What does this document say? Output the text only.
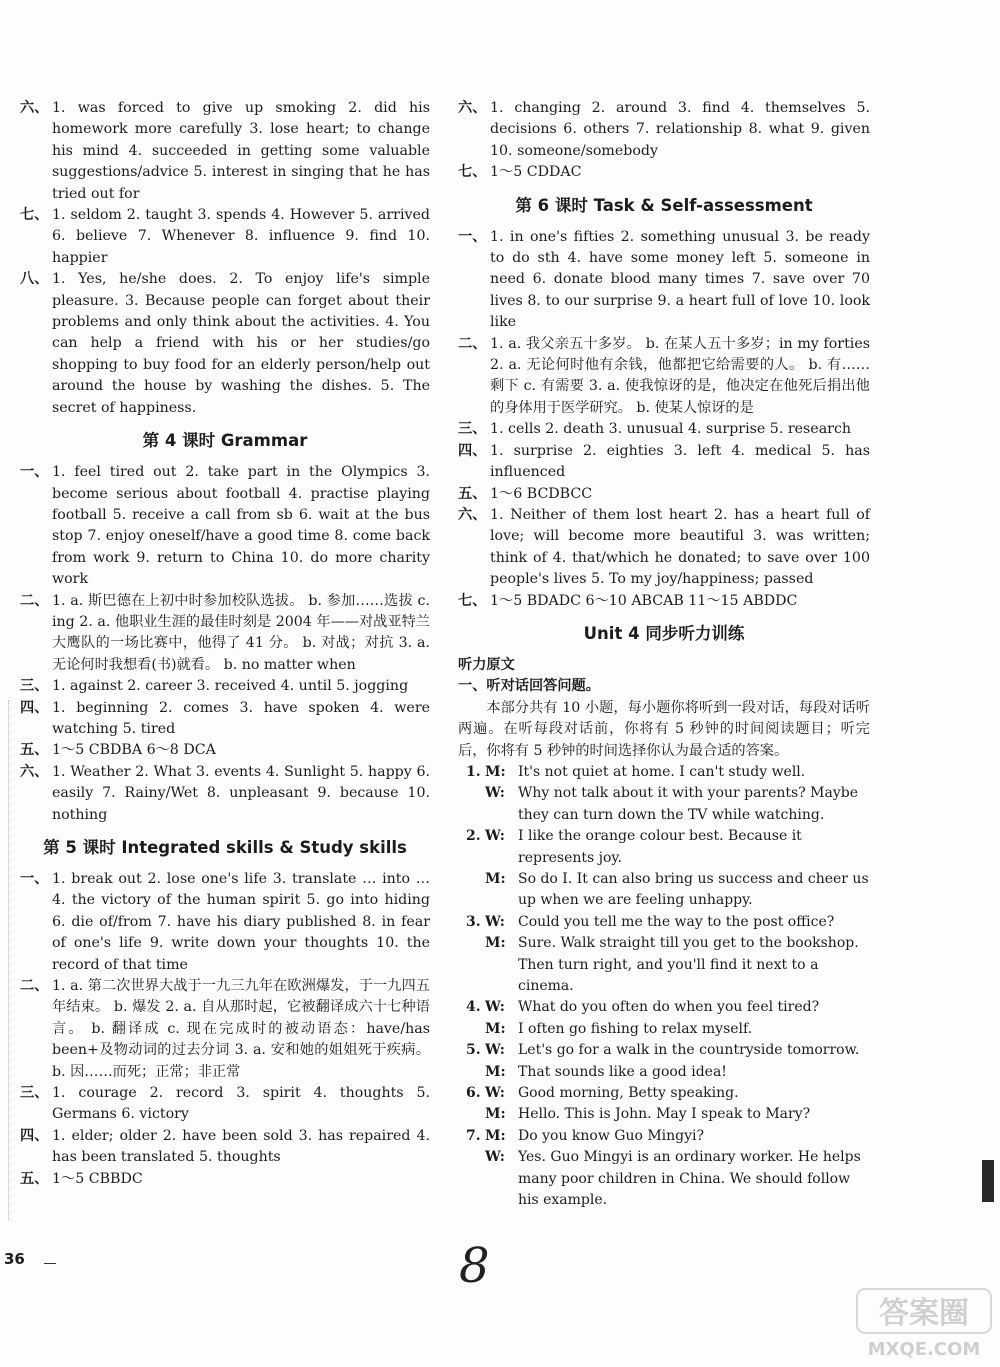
六、 1. was forced to give up smoking 2. did his homework more carefully 3. lose heart; to change his mind 4. succeeded in getting some valuable suggestions/advice 5. interest in singing that he has tried out for
七、 1. seldom 2. taught 3. spends 4. However 5. arrived 6. believe 7. Whenever 8. influence 9. find 10. happier
八、 1. Yes, he/she does. 2. To enjoy life's simple pleasure. 3. Because people can forget about their problems and only think about the activities. 4. You can help a friend with his or her studies/go shopping to buy food for an elderly person/help out around the house by washing the dishes. 5. The secret of happiness.
第 4 课时 Grammar
一、 1. feel tired out 2. take part in the Olympics 3. become serious about football 4. practise playing football 5. receive a call from sb 6. wait at the bus stop 7. enjoy oneself/have a good time 8. come back from work 9. return to China 10. do more charity work
二、 1. a. 斯巴德在上初中时参加校队选拔。 b. 参加……选拔 c. ing 2. a. 他职业生涯的最佳时刻是 2004 年——对战亚特兰大鹰队的一场比赛中，他得了 41 分。 b. 对战；对抗 3. a. 无论何时我想看(书)就看。 b. no matter when
三、 1. against 2. career 3. received 4. until 5. jogging
四、 1. beginning 2. comes 3. have spoken 4. were watching 5. tired
五、 1～5 CBDBA 6～8 DCA
六、 1. Weather 2. What 3. events 4. Sunlight 5. happy 6. easily 7. Rainy/Wet 8. unpleasant 9. because 10. nothing
第 5 课时 Integrated skills & Study skills
一、 1. break out 2. lose one's life 3. translate … into … 4. the victory of the human spirit 5. go into hiding 6. die of/from 7. have his diary published 8. in fear of one's life 9. write down your thoughts 10. the record of that time
二、 1. a. 第二次世界大战于一九三九年在欧洲爆发，于一九四五年结束。 b. 爆发 2. a. 自从那时起，它被翻译成六十七种语言。 b. 翻译成 c. 现在完成时的被动语态：have/has been+及物动词的过去分词 3. a. 安和她的姐姐死于疾病。 b. 因……而死；正常；非正常
三、 1. courage 2. record 3. spirit 4. thoughts 5. Germans 6. victory
四、 1. elder; older 2. have been sold 3. has repaired 4. has been translated 5. thoughts
五、 1～5 CBBDC
六、 1. changing 2. around 3. find 4. themselves 5. decisions 6. others 7. relationship 8. what 9. given 10. someone/somebody
七、 1～5 CDDAC
第 6 课时 Task & Self-assessment
一、 1. in one's fifties 2. something unusual 3. be ready to do sth 4. have some money left 5. someone in need 6. donate blood many times 7. save over 70 lives 8. to our surprise 9. a heart full of love 10. look like
二、 1. a. 我父亲五十多岁。 b. 在某人五十多岁；in my forties 2. a. 无论何时他有余钱，他都把它给需要的人。 b. 有……剩下 c. 有需要 3. a. 使我惊讶的是，他决定在他死后捐出他的身体用于医学研究。 b. 使某人惊讶的是
三、 1. cells 2. death 3. unusual 4. surprise 5. research
四、 1. surprise 2. eighties 3. left 4. medical 5. has influenced
五、 1～6 BCDBCC
六、 1. Neither of them lost heart 2. has a heart full of love; will become more beautiful 3. was written; think of 4. that/which he donated; to save over 100 people's lives 5. To my joy/happiness; passed
七、 1～5 BDADC 6～10 ABCAB 11～15 ABDDC
Unit 4 同步听力训练
听力原文
一、听对话回答问题。
本部分共有 10 小题，每小题你将听到一段对话，每段对话听两遍。在听每段对话前，你将有 5 秒钟的时间阅读题目；听完后，你将有 5 秒钟的时间选择你认为最合适的答案。
1. M: It's not quiet at home. I can't study well.
W: Why not talk about it with your parents? Maybe they can turn down the TV while watching.
2. W: I like the orange colour best. Because it represents joy.
M: So do I. It can also bring us success and cheer us up when we are feeling unhappy.
3. W: Could you tell me the way to the post office?
M: Sure. Walk straight till you get to the bookshop. Then turn right, and you'll find it next to a cinema.
4. W: What do you often do when you feel tired?
M: I often go fishing to relax myself.
5. W: Let's go for a walk in the countryside tomorrow.
M: That sounds like a good idea!
6. W: Good morning, Betty speaking.
M: Hello. This is John. May I speak to Mary?
7. M: Do you know Guo Mingyi?
W: Yes. Guo Mingyi is an ordinary worker. He helps many poor children in China. We should follow his example.
36	8
答案圈
MXQE.COM
